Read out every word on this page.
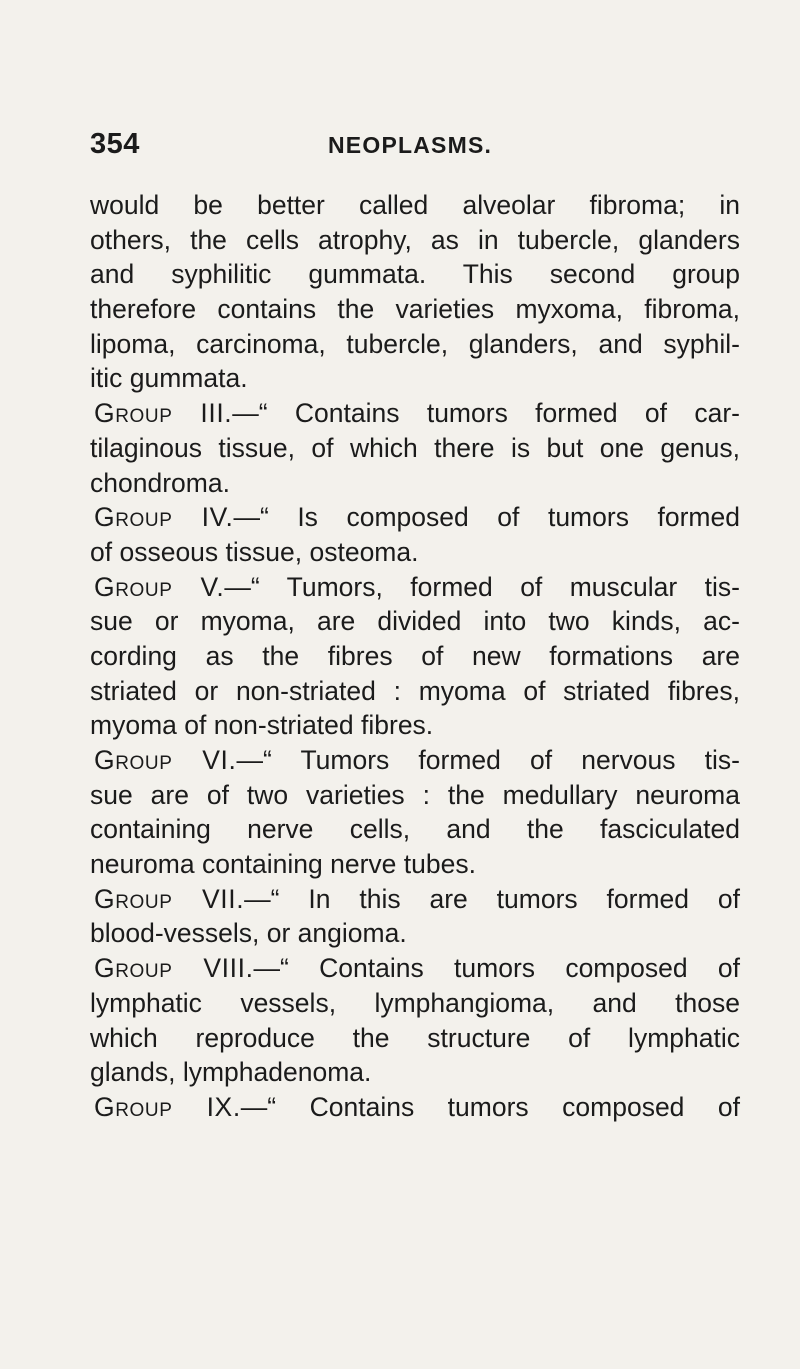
354	NEOPLASMS.
would be better called alveolar fibroma; in
others, the cells atrophy, as in tubercle, glanders
and syphilitic gummata. This second group
therefore contains the varieties myxoma, fibroma,
lipoma, carcinoma, tubercle, glanders, and syphil-
itic gummata.
Group III.—“ Contains tumors formed of car-
tilaginous tissue, of which there is but one genus,
chondroma.
Group IV.—“ Is composed of tumors formed
of osseous tissue, osteoma.
Group V.—“ Tumors, formed of muscular tis-
sue or myoma, are divided into two kinds, ac-
cording as the fibres of new formations are
striated or non-striated : myoma of striated fibres,
myoma of non-striated fibres.
Group VI.—“ Tumors formed of nervous tis-
sue are of two varieties : the medullary neuroma
containing nerve cells, and the fasciculated
neuroma containing nerve tubes.
Group VII.—“ In this are tumors formed of
blood-vessels, or angioma.
Group VIII.—“ Contains tumors composed of
lymphatic vessels, lymphangioma, and those
which reproduce the structure of lymphatic
glands, lymphadenoma.
Group IX.—“ Contains tumors composed of
